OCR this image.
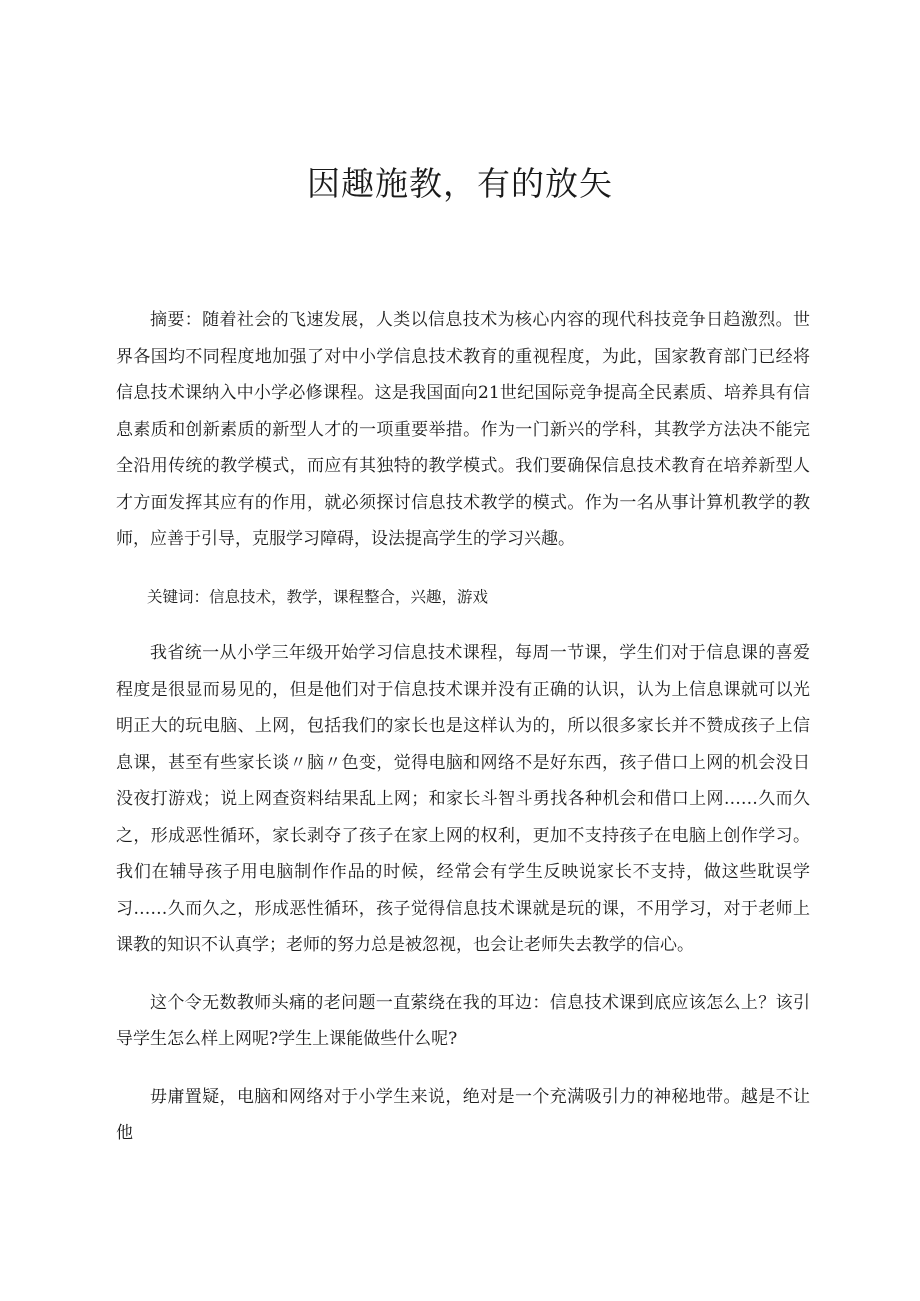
因趣施教，有的放矢

摘要：随着社会的飞速发展，人类以信息技术为核心内容的现代科技竞争日趋激烈。世界各国均不同程度地加强了对中小学信息技术教育的重视程度，为此，国家教育部门已经将信息技术课纳入中小学必修课程。这是我国面向21世纪国际竞争提高全民素质、培养具有信息素质和创新素质的新型人才的一项重要举措。作为一门新兴的学科，其教学方法决不能完全沿用传统的教学模式，而应有其独特的教学模式。我们要确保信息技术教育在培养新型人才方面发挥其应有的作用，就必须探讨信息技术教学的模式。作为一名从事计算机教学的教师，应善于引导，克服学习障碍，设法提高学生的学习兴趣。

关键词：信息技术，教学，课程整合，兴趣，游戏

我省统一从小学三年级开始学习信息技术课程，每周一节课，学生们对于信息课的喜爱程度是很显而易见的，但是他们对于信息技术课并没有正确的认识，认为上信息课就可以光明正大的玩电脑、上网，包括我们的家长也是这样认为的，所以很多家长并不赞成孩子上信息课，甚至有些家长谈〃脑〃色变，觉得电脑和网络不是好东西，孩子借口上网的机会没日没夜打游戏；说上网查资料结果乱上网；和家长斗智斗勇找各种机会和借口上网……久而久之，形成恶性循环，家长剥夺了孩子在家上网的权利，更加不支持孩子在电脑上创作学习。我们在辅导孩子用电脑制作作品的时候，经常会有学生反映说家长不支持，做这些耽误学习……久而久之，形成恶性循环，孩子觉得信息技术课就是玩的课，不用学习，对于老师上课教的知识不认真学；老师的努力总是被忽视，也会让老师失去教学的信心。

这个令无数教师头痛的老问题一直萦绕在我的耳边：信息技术课到底应该怎么上？该引导学生怎么样上网呢?学生上课能做些什么呢?

毋庸置疑，电脑和网络对于小学生来说，绝对是一个充满吸引力的神秘地带。越是不让他
